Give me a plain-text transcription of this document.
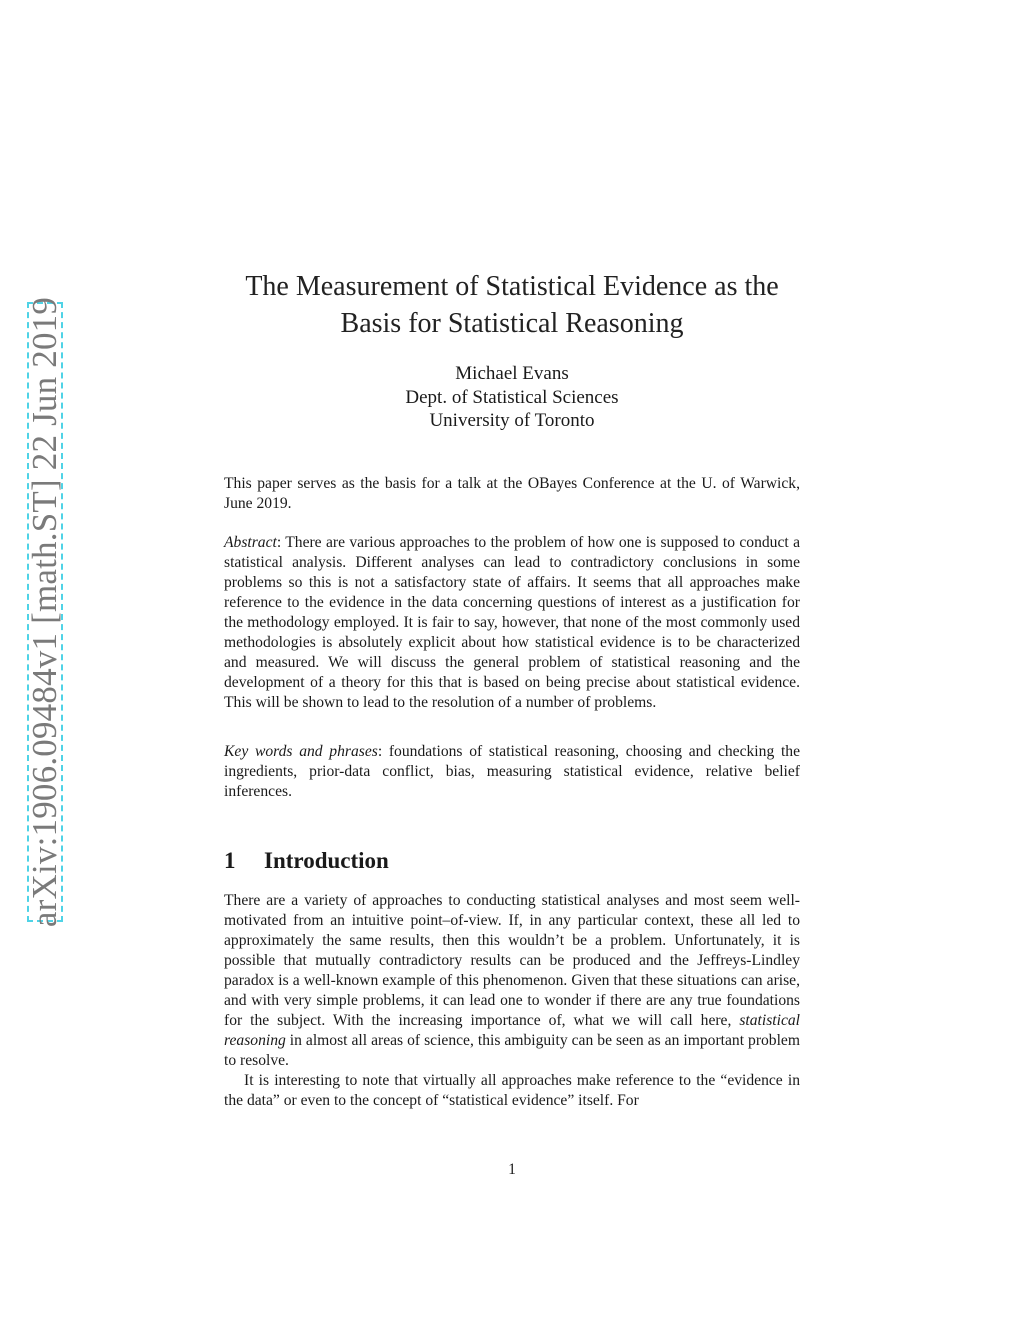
arXiv:1906.09484v1 [math.ST] 22 Jun 2019
The Measurement of Statistical Evidence as the
Basis for Statistical Reasoning
Michael Evans
Dept. of Statistical Sciences
University of Toronto

This paper serves as the basis for a talk at the OBayes Conference at the U. of Warwick, June 2019.

Abstract: There are various approaches to the problem of how one is supposed to conduct a statistical analysis. Different analyses can lead to contradictory conclusions in some problems so this is not a satisfactory state of affairs. It seems that all approaches make reference to the evidence in the data concerning questions of interest as a justification for the methodology employed. It is fair to say, however, that none of the most commonly used methodologies is absolutely explicit about how statistical evidence is to be characterized and measured. We will discuss the general problem of statistical reasoning and the development of a theory for this that is based on being precise about statistical evidence. This will be shown to lead to the resolution of a number of problems.

Key words and phrases: foundations of statistical reasoning, choosing and checking the ingredients, prior-data conflict, bias, measuring statistical evidence, relative belief inferences.

1 Introduction

There are a variety of approaches to conducting statistical analyses and most seem well-motivated from an intuitive point–of-view. If, in any particular context, these all led to approximately the same results, then this wouldn’t be a problem. Unfortunately, it is possible that mutually contradictory results can be produced and the Jeffreys-Lindley paradox is a well-known example of this phenomenon. Given that these situations can arise, and with very simple problems, it can lead one to wonder if there are any true foundations for the subject. With the increasing importance of, what we will call here, statistical reasoning in almost all areas of science, this ambiguity can be seen as an important problem to resolve.

It is interesting to note that virtually all approaches make reference to the “evidence in the data” or even to the concept of “statistical evidence” itself. For

1
